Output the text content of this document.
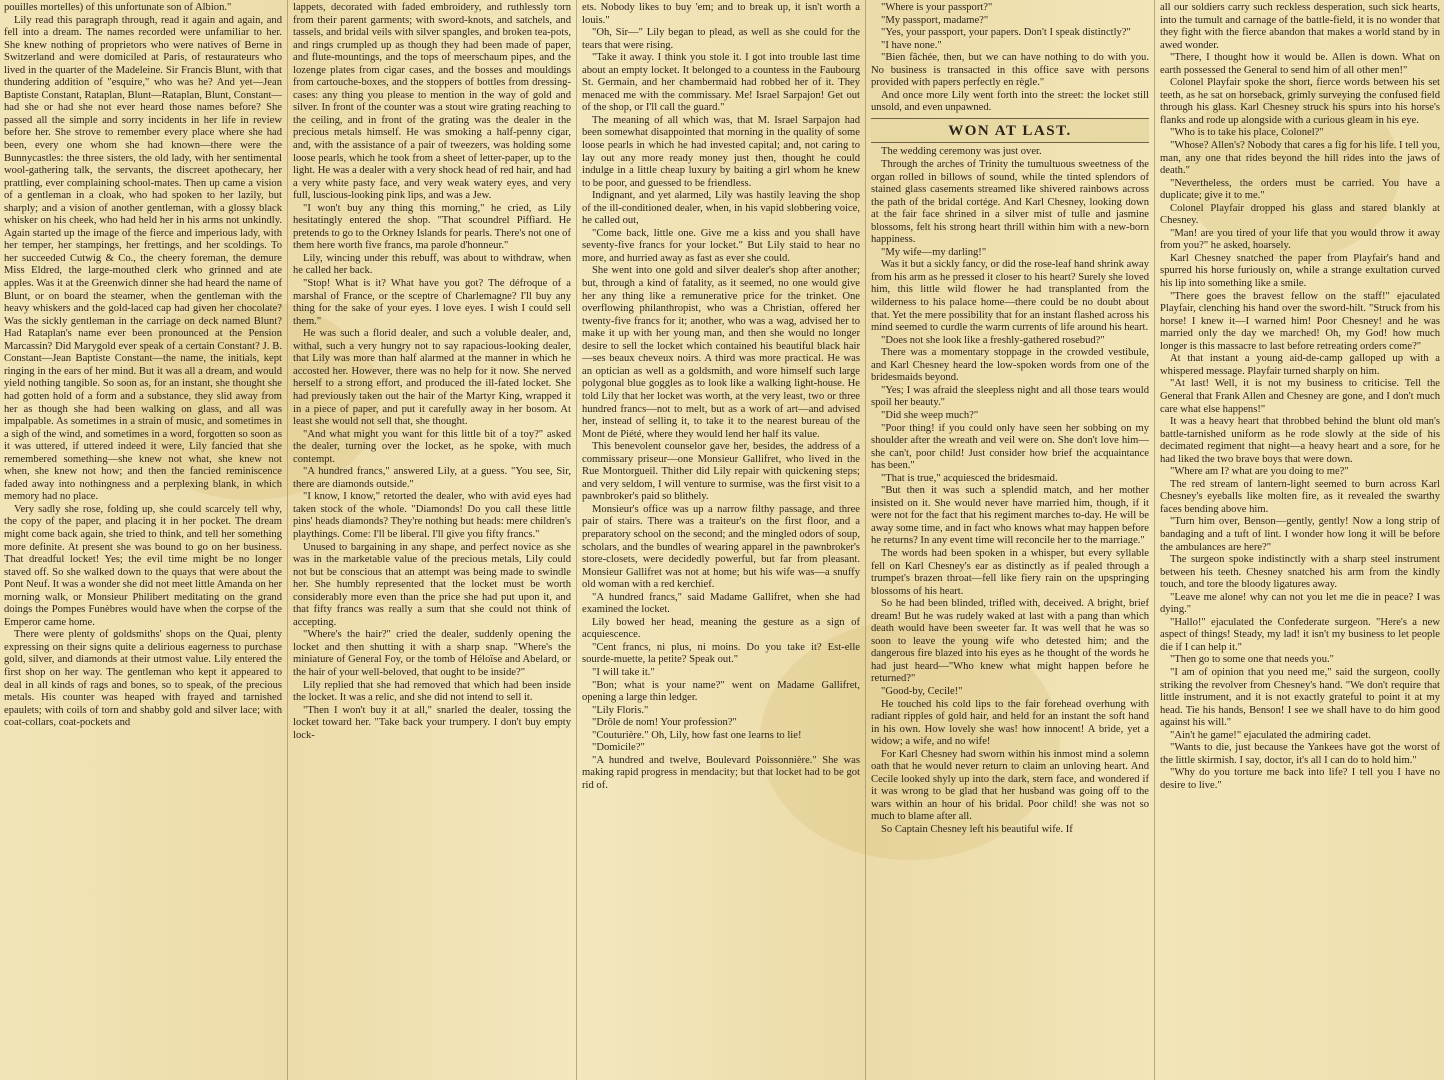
pouilles mortelles) of this unfortunate son of Albion."

Lily read this paragraph through, read it again and again, and fell into a dream. The names recorded were unfamiliar to her. She knew nothing of proprietors who were natives of Berne in Switzerland and were domiciled at Paris, of restaurateurs who lived in the quarter of the Madeleine. Sir Francis Blunt, with that thundering addition of "esquire," who was he? And yet—Jean Baptiste Constant, Rataplan, Blunt—Rataplan, Blunt, Constant—had she or had she not ever heard those names before? She passed all the simple and sorry incidents in her life in review before her. She strove to remember every place where she had been, every one whom she had known—there were the Bunnycastles: the three sisters, the old lady, with her sentimental wool-gathering talk, the servants, the discreet apothecary, her prattling, ever complaining school-mates. Then up came a vision of a gentleman in a cloak, who had spoken to her lazily, but sharply; and a vision of another gentleman, with a glossy black whisker on his cheek, who had held her in his arms not unkindly. Again started up the image of the fierce and imperious lady, with her temper, her stampings, her frettings, and her scoldings. To her succeeded Cutwig & Co., the cheery foreman, the demure Miss Eldred, the large-mouthed clerk who grinned and ate apples. Was it at the Greenwich dinner she had heard the name of Blunt, or on board the steamer, when the gentleman with the heavy whiskers and the gold-laced cap had given her chocolate? Was the sickly gentleman in the carriage on deck named Blunt? Had Rataplan's name ever been pronounced at the Pension Marcassin? Did Marygold ever speak of a certain Constant? J. B. Constant—Jean Baptiste Constant—the name, the initials, kept ringing in the ears of her mind. But it was all a dream, and would yield nothing tangible. So soon as, for an instant, she thought she had gotten hold of a form and a substance, they slid away from her as though she had been walking on glass, and all was impalpable. As sometimes in a strain of music, and sometimes in a sigh of the wind, and sometimes in a word, forgotten so soon as it was uttered, if uttered indeed it were, Lily fancied that she remembered something—she knew not what, she knew not when, she knew not how; and then the fancied reminiscence faded away into nothingness and a perplexing blank, in which memory had no place.

Very sadly she rose, folding up, she could scarcely tell why, the copy of the paper, and placing it in her pocket. The dream might come back again, she tried to think, and tell her something more definite. At present she was bound to go on her business. That dreadful locket! Yes; the evil time might be no longer staved off. So she walked down to the quays that were about the Pont Neuf. It was a wonder she did not meet little Amanda on her morning walk, or Monsieur Philibert meditating on the grand doings the Pompes Funèbres would have when the corpse of the Emperor came home.

There were plenty of goldsmiths' shops on the Quai, plenty expressing on their signs quite a delirious eagerness to purchase gold, silver, and diamonds at their utmost value. Lily entered the first shop on her way. The gentleman who kept it appeared to deal in all kinds of rags and bones, so to speak, of the precious metals. His counter was heaped with frayed and tarnished epaulets; with coils of torn and shabby gold and silver lace; with coat-collars, coat-pockets and

lappets, decorated with faded embroidery, and ruthlessly torn from their parent garments; with sword-knots, and satchels, and tassels, and bridal veils with silver spangles, and broken tea-pots, and rings crumpled up as though they had been made of paper, and flute-mountings, and the tops of meerschaum pipes, and the lozenge plates from cigar cases, and the bosses and mouldings from cartouche-boxes, and the stoppers of bottles from dressing-cases: any thing you please to mention in the way of gold and silver. In front of the counter was a stout wire grating reaching to the ceiling, and in front of the grating was the dealer in the precious metals himself. He was smoking a half-penny cigar, and, with the assistance of a pair of tweezers, was holding some loose pearls, which he took from a sheet of letter-paper, up to the light. He was a dealer with a very shock head of red hair, and had a very white pasty face, and very weak watery eyes, and very full, luscious-looking pink lips, and was a Jew.

"I won't buy any thing this morning," he cried, as Lily hesitatingly entered the shop. "That scoundrel Piffiard. He pretends to go to the Orkney Islands for pearls. There's not one of them here worth five francs, ma parole d'honneur."

Lily, wincing under this rebuff, was about to withdraw, when he called her back.

"Stop! What is it? What have you got? The défroque of a marshal of France, or the sceptre of Charlemagne? I'll buy any thing for the sake of your eyes. I love eyes. I wish I could sell them."

He was such a florid dealer, and such a voluble dealer, and, withal, such a very hungry not to say rapacious-looking dealer, that Lily was more than half alarmed at the manner in which he accosted her. However, there was no help for it now. She nerved herself to a strong effort, and produced the ill-fated locket. She had previously taken out the hair of the Martyr King, wrapped it in a piece of paper, and put it carefully away in her bosom. At least she would not sell that, she thought.

"And what might you want for this little bit of a toy?" asked the dealer, turning over the locket, as he spoke, with much contempt.

"A hundred francs," answered Lily, at a guess. "You see, Sir, there are diamonds outside."

"I know, I know," retorted the dealer, who with avid eyes had taken stock of the whole. "Diamonds! Do you call these little pins' heads diamonds? They're nothing but heads: mere children's playthings. Come: I'll be liberal. I'll give you fifty francs."

Unused to bargaining in any shape, and perfect novice as she was in the marketable value of the precious metals, Lily could not but be conscious that an attempt was being made to swindle her. She humbly represented that the locket must be worth considerably more even than the price she had put upon it, and that fifty francs was really a sum that she could not think of accepting.

"Where's the hair?" cried the dealer, suddenly opening the locket and then shutting it with a sharp snap. "Where's the miniature of General Foy, or the tomb of Héloïse and Abelard, or the hair of your well-beloved, that ought to be inside?"

Lily replied that she had removed that which had been inside the locket. It was a relic, and she did not intend to sell it.

"Then I won't buy it at all," snarled the dealer, tossing the locket toward her. "Take back your trumpery. I don't buy empty lock-

ets. Nobody likes to buy 'em; and to break up, it isn't worth a louis."

"Oh, Sir—" Lily began to plead, as well as she could for the tears that were rising.

"Take it away. I think you stole it. I got into trouble last time about an empty locket. It belonged to a countess in the Faubourg St. Germain, and her chambermaid had robbed her of it. They menaced me with the commissary. Me! Israel Sarpajon! Get out of the shop, or I'll call the guard."

The meaning of all which was, that M. Israel Sarpajon had been somewhat disappointed that morning in the quality of some loose pearls in which he had invested capital; and, not caring to lay out any more ready money just then, thought he could indulge in a little cheap luxury by baiting a girl whom he knew to be poor, and guessed to be friendless.

Indignant, and yet alarmed, Lily was hastily leaving the shop of the ill-conditioned dealer, when, in his vapid slobbering voice, he called out,

"Come back, little one. Give me a kiss and you shall have seventy-five francs for your locket." But Lily staid to hear no more, and hurried away as fast as ever she could.

She went into one gold and silver dealer's shop after another; but, through a kind of fatality, as it seemed, no one would give her any thing like a remunerative price for the trinket. One overflowing philanthropist, who was a Christian, offered her twenty-five francs for it; another, who was a wag, advised her to make it up with her young man, and then she would no longer desire to sell the locket which contained his beautiful black hair—ses beaux cheveux noirs. A third was more practical. He was an optician as well as a goldsmith, and wore himself such large polygonal blue goggles as to look like a walking light-house. He told Lily that her locket was worth, at the very least, two or three hundred francs—not to melt, but as a work of art—and advised her, instead of selling it, to take it to the nearest bureau of the Mont de Piété, where they would lend her half its value.

This benevolent counselor gave her, besides, the address of a commissary priseur—one Monsieur Gallifret, who lived in the Rue Montorgueil. Thither did Lily repair with quickening steps; and very seldom, I will venture to surmise, was the first visit to a pawnbroker's paid so blithely.

Monsieur's office was up a narrow filthy passage, and three pair of stairs. There was a traiteur's on the first floor, and a preparatory school on the second; and the mingled odors of soup, scholars, and the bundles of wearing apparel in the pawnbroker's store-closets, were decidedly powerful, but far from pleasant. Monsieur Gallifret was not at home; but his wife was—a snuffy old woman with a red kerchief.

"A hundred francs," said Madame Gallifret, when she had examined the locket.

Lily bowed her head, meaning the gesture as a sign of acquiescence.

"Cent francs, ni plus, ni moins. Do you take it? Est-elle sourde-muette, la petite? Speak out."

"I will take it."

"Bon; what is your name?" went on Madame Gallifret, opening a large thin ledger.

"Lily Floris."

"Drôle de nom! Your profession?"

"Couturière." Oh, Lily, how fast one learns to lie!

"Domicile?"

"A hundred and twelve, Boulevard Poissonnière." She was making rapid progress in mendacity; but that locket had to be got rid of.

"Where is your passport?"

"My passport, madame?"

"Yes, your passport, your papers. Don't I speak distinctly?"

"I have none."

"Bien fâchée, then, but we can have nothing to do with you. No business is transacted in this office save with persons provided with papers perfectly en règle."

And once more Lily went forth into the street: the locket still unsold, and even unpawned.

WON AT LAST.

The wedding ceremony was just over.

Through the arches of Trinity the tumultuous sweetness of the organ rolled in billows of sound, while the tinted splendors of stained glass casements streamed like shivered rainbows across the path of the bridal cortége. And Karl Chesney, looking down at the fair face shrined in a silver mist of tulle and jasmine blossoms, felt his strong heart thrill within him with a new-born happiness.

"My wife—my darling!"

Was it but a sickly fancy, or did the rose-leaf hand shrink away from his arm as he pressed it closer to his heart? Surely she loved him, this little wild flower he had transplanted from the wilderness to his palace home—there could be no doubt about that. Yet the mere possibility that for an instant flashed across his mind seemed to curdle the warm currents of life around his heart.

"Does not she look like a freshly-gathered rosebud?"

There was a momentary stoppage in the crowded vestibule, and Karl Chesney heard the low-spoken words from one of the bridesmaids beyond.

"Yes; I was afraid the sleepless night and all those tears would spoil her beauty."

"Did she weep much?"

"Poor thing! if you could only have seen her sobbing on my shoulder after the wreath and veil were on. She don't love him—she can't, poor child! Just consider how brief the acquaintance has been."

"That is true," acquiesced the bridesmaid.

"But then it was such a splendid match, and her mother insisted on it. She would never have married him, though, if it were not for the fact that his regiment marches to-day. He will be away some time, and in fact who knows what may happen before he returns? In any event time will reconcile her to the marriage."

The words had been spoken in a whisper, but every syllable fell on Karl Chesney's ear as distinctly as if pealed through a trumpet's brazen throat—fell like fiery rain on the upspringing blossoms of his heart.

So he had been blinded, trifled with, deceived. A bright, brief dream! But he was rudely waked at last with a pang than which death would have been sweeter far. It was well that he was so soon to leave the young wife who detested him; and the dangerous fire blazed into his eyes as he thought of the words he had just heard—"Who knew what might happen before he returned?"

"Good-by, Cecile!"

He touched his cold lips to the fair forehead overhung with radiant ripples of gold hair, and held for an instant the soft hand in his own. How lovely she was! how innocent! A bride, yet a widow; a wife, and no wife!

For Karl Chesney had sworn within his inmost mind a solemn oath that he would never return to claim an unloving heart. And Cecile looked shyly up into the dark, stern face, and wondered if it was wrong to be glad that her husband was going off to the wars within an hour of his bridal. Poor child! she was not so much to blame after all.

So Captain Chesney left his beautiful wife. If

all our soldiers carry such reckless desperation, such sick hearts, into the tumult and carnage of the battle-field, it is no wonder that they fight with the fierce abandon that makes a world stand by in awed wonder.

"There, I thought how it would be. Allen is down. What on earth possessed the General to send him of all other men!"

Colonel Playfair spoke the short, fierce words between his set teeth, as he sat on horseback, grimly surveying the confused field through his glass. Karl Chesney struck his spurs into his horse's flanks and rode up alongside with a curious gleam in his eye.

"Who is to take his place, Colonel?"

"Whose? Allen's? Nobody that cares a fig for his life. I tell you, man, any one that rides beyond the hill rides into the jaws of death."

"Nevertheless, the orders must be carried. You have a duplicate; give it to me."

Colonel Playfair dropped his glass and stared blankly at Chesney.

"Man! are you tired of your life that you would throw it away from you?" he asked, hoarsely.

Karl Chesney snatched the paper from Playfair's hand and spurred his horse furiously on, while a strange exultation curved his lip into something like a smile.

"There goes the bravest fellow on the staff!" ejaculated Playfair, clenching his hand over the sword-hilt. "Struck from his horse! I knew it—I warned him! Poor Chesney! and he was married only the day we marched! Oh, my God! how much longer is this massacre to last before retreating orders come?"

At that instant a young aid-de-camp galloped up with a whispered message. Playfair turned sharply on him.

"At last! Well, it is not my business to criticise. Tell the General that Frank Allen and Chesney are gone, and I don't much care what else happens!"

It was a heavy heart that throbbed behind the blunt old man's battle-tarnished uniform as he rode slowly at the side of his decimated regiment that night—a heavy heart and a sore, for he had liked the two brave boys that were down.

"Where am I? what are you doing to me?"

The red stream of lantern-light seemed to burn across Karl Chesney's eyeballs like molten fire, as it revealed the swarthy faces bending above him.

"Turn him over, Benson—gently, gently! Now a long strip of bandaging and a tuft of lint. I wonder how long it will be before the ambulances are here?"

The surgeon spoke indistinctly with a sharp steel instrument between his teeth. Chesney snatched his arm from the kindly touch, and tore the bloody ligatures away.

"Leave me alone! why can not you let me die in peace? I was dying."

"Hallo!" ejaculated the Confederate surgeon. "Here's a new aspect of things! Steady, my lad! it isn't my business to let people die if I can help it."

"Then go to some one that needs you."

"I am of opinion that you need me," said the surgeon, coolly striking the revolver from Chesney's hand. "We don't require that little instrument, and it is not exactly grateful to point it at my head. Tie his hands, Benson! I see we shall have to do him good against his will."

"Ain't he game!" ejaculated the admiring cadet.

"Wants to die, just because the Yankees have got the worst of the little skirmish. I say, doctor, it's all I can do to hold him."

"Why do you torture me back into life? I tell you I have no desire to live."
